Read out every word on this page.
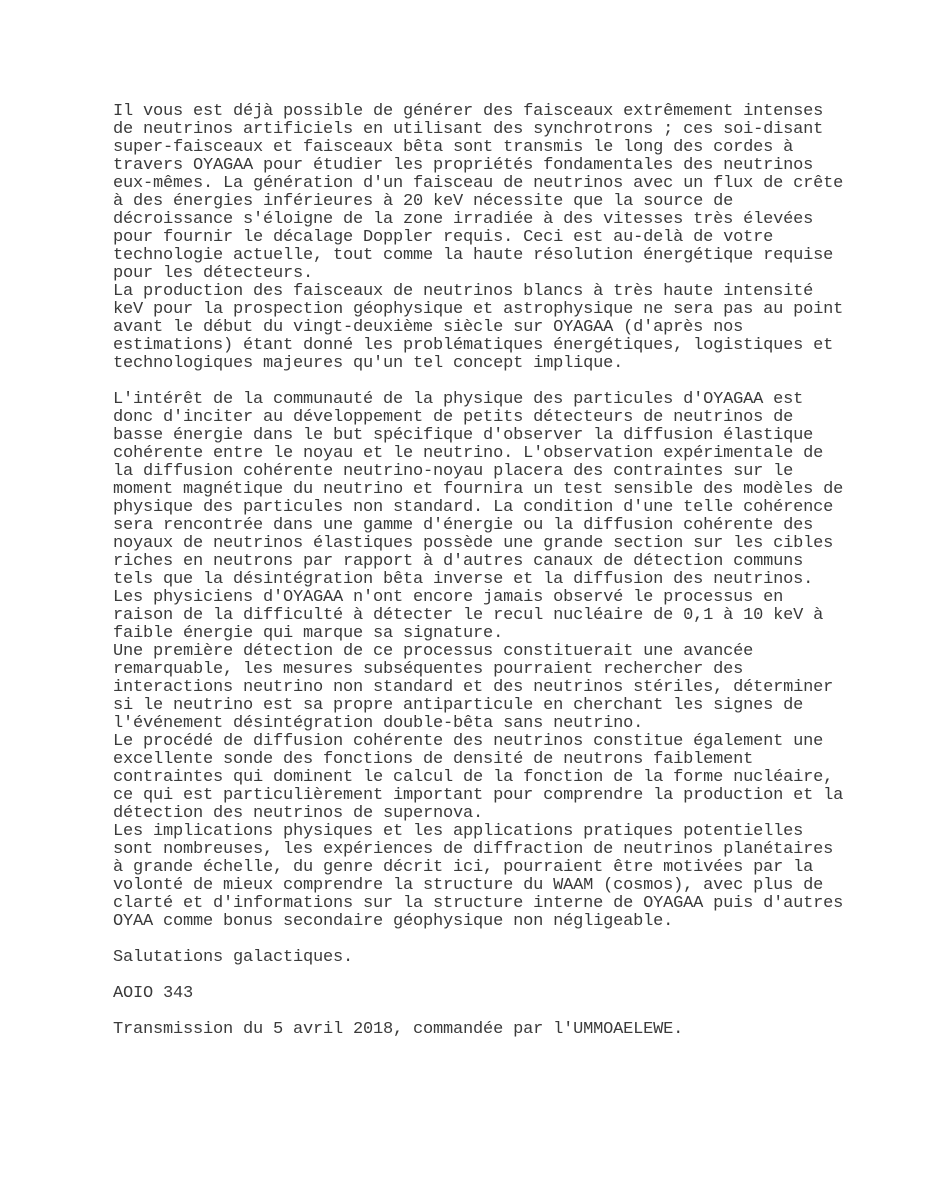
Il vous est déjà possible de générer des faisceaux extrêmement intenses
de neutrinos artificiels en utilisant des synchrotrons ; ces soi-disant
super-faisceaux et faisceaux bêta sont transmis le long des cordes à
travers OYAGAA pour étudier les propriétés fondamentales des neutrinos
eux-mêmes. La génération d'un faisceau de neutrinos avec un flux de crête
à des énergies inférieures à 20 keV nécessite que la source de
décroissance s'éloigne de la zone irradiée à des vitesses très élevées
pour fournir le décalage Doppler requis. Ceci est au-delà de votre
technologie actuelle, tout comme la haute résolution énergétique requise
pour les détecteurs.
La production des faisceaux de neutrinos blancs à très haute intensité
keV pour la prospection géophysique et astrophysique ne sera pas au point
avant le début du vingt-deuxième siècle sur OYAGAA (d'après nos
estimations) étant donné les problématiques énergétiques, logistiques et
technologiques majeures qu'un tel concept implique.
L'intérêt de la communauté de la physique des particules d'OYAGAA est
donc d'inciter au développement de petits détecteurs de neutrinos de
basse énergie dans le but spécifique d'observer la diffusion élastique
cohérente entre le noyau et le neutrino. L'observation expérimentale de
la diffusion cohérente neutrino-noyau placera des contraintes sur le
moment magnétique du neutrino et fournira un test sensible des modèles de
physique des particules non standard. La condition d'une telle cohérence
sera rencontrée dans une gamme d'énergie ou la diffusion cohérente des
noyaux de neutrinos élastiques possède une grande section sur les cibles
riches en neutrons par rapport à d'autres canaux de détection communs
tels que la désintégration bêta inverse et la diffusion des neutrinos.
Les physiciens d'OYAGAA n'ont encore jamais observé le processus en
raison de la difficulté à détecter le recul nucléaire de 0,1 à 10 keV à
faible énergie qui marque sa signature.
Une première détection de ce processus constituerait une avancée
remarquable, les mesures subséquentes pourraient rechercher des
interactions neutrino non standard et des neutrinos stériles, déterminer
si le neutrino est sa propre antiparticule en cherchant les signes de
l'événement désintégration double-bêta sans neutrino.
Le procédé de diffusion cohérente des neutrinos constitue également une
excellente sonde des fonctions de densité de neutrons faiblement
contraintes qui dominent le calcul de la fonction de la forme nucléaire,
ce qui est particulièrement important pour comprendre la production et la
détection des neutrinos de supernova.
Les implications physiques et les applications pratiques potentielles
sont nombreuses, les expériences de diffraction de neutrinos planétaires
à grande échelle, du genre décrit ici, pourraient être motivées par la
volonté de mieux comprendre la structure du WAAM (cosmos), avec plus de
clarté et d'informations sur la structure interne de OYAGAA puis d'autres
OYAA comme bonus secondaire géophysique non négligeable.
Salutations galactiques.
AOIO 343
Transmission du 5 avril 2018, commandée par l'UMMOAELEWE.
